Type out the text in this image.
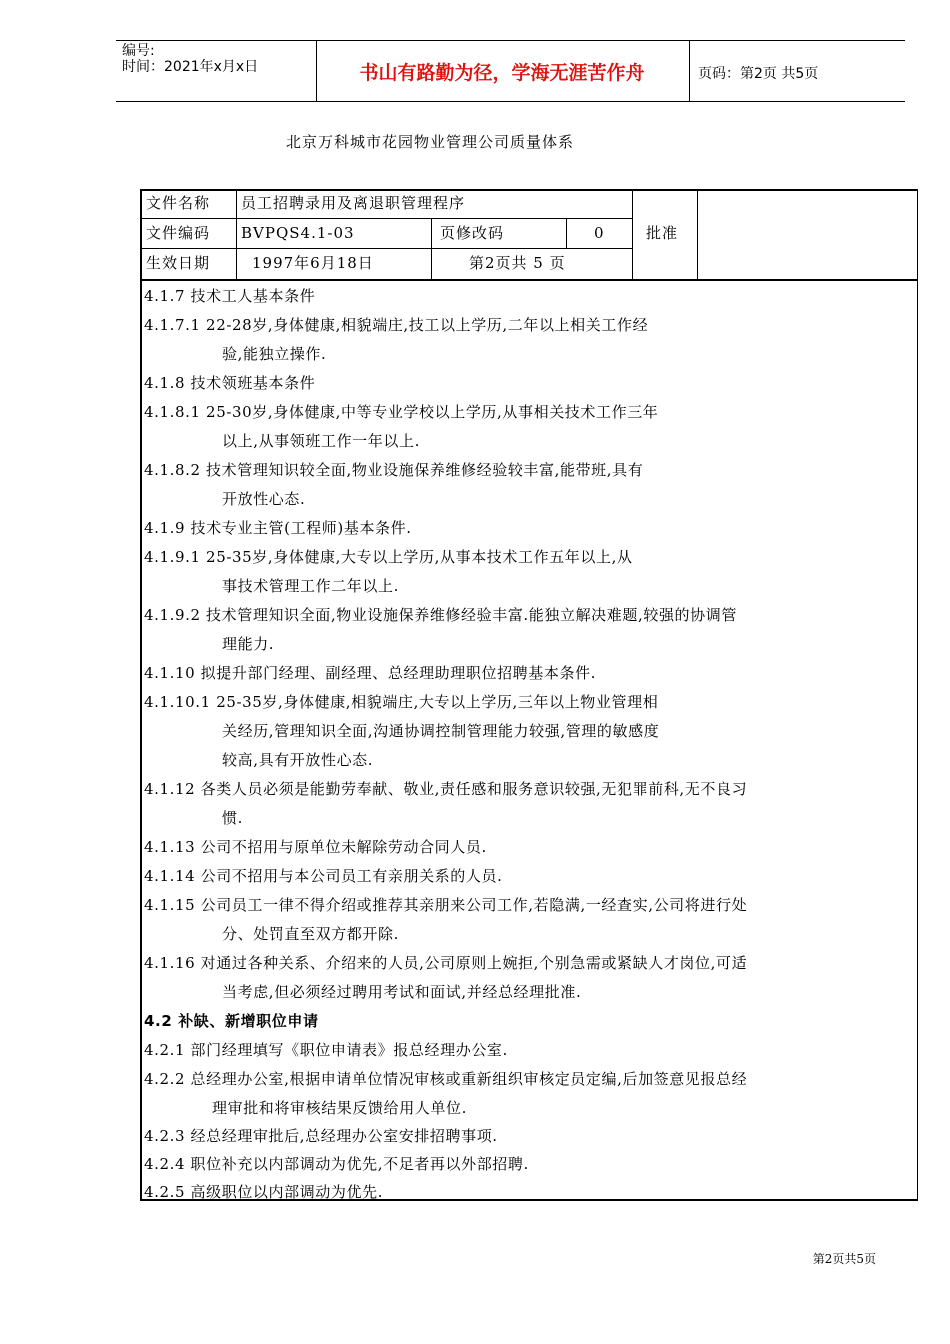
编号:
时间：2021年x月x日	书山有路勤为径，学海无涯苦作舟	页码：第2页 共5页
北京万科城市花园物业管理公司质量体系
文件名称 员工招聘录用及离退职管理程序
文件编码 BVPQS4.1-03	页修改码	0
生效日期	1997年6月18日	第2页共 5 页
批准
4.1.7 技术工人基本条件
4.1.7.1 22-28岁,身体健康,相貌端庄,技工以上学历,二年以上相关工作经
验,能独立操作.
4.1.8 技术领班基本条件
4.1.8.1 25-30岁,身体健康,中等专业学校以上学历,从事相关技术工作三年
以上,从事领班工作一年以上.
4.1.8.2 技术管理知识较全面,物业设施保养维修经验较丰富,能带班,具有
开放性心态.
4.1.9 技术专业主管(工程师)基本条件.
4.1.9.1 25-35岁,身体健康,大专以上学历,从事本技术工作五年以上,从
事技术管理工作二年以上.
4.1.9.2 技术管理知识全面,物业设施保养维修经验丰富.能独立解决难题,较强的协调管
理能力.
4.1.10 拟提升部门经理、副经理、总经理助理职位招聘基本条件.
4.1.10.1 25-35岁,身体健康,相貌端庄,大专以上学历,三年以上物业管理相
关经历,管理知识全面,沟通协调控制管理能力较强,管理的敏感度
较高,具有开放性心态.
4.1.12 各类人员必须是能勤劳奉献、敬业,责任感和服务意识较强,无犯罪前科,无不良习
惯.
4.1.13 公司不招用与原单位未解除劳动合同人员.
4.1.14 公司不招用与本公司员工有亲朋关系的人员.
4.1.15 公司员工一律不得介绍或推荐其亲朋来公司工作,若隐满,一经查实,公司将进行处
分、处罚直至双方都开除.
4.1.16 对通过各种关系、介绍来的人员,公司原则上婉拒,个别急需或紧缺人才岗位,可适
当考虑,但必须经过聘用考试和面试,并经总经理批准.
4.2 补缺、新增职位申请
4.2.1 部门经理填写《职位申请表》报总经理办公室.
4.2.2 总经理办公室,根据申请单位情况审核或重新组织审核定员定编,后加签意见报总经
理审批和将审核结果反馈给用人单位.
4.2.3 经总经理审批后,总经理办公室安排招聘事项.
4.2.4 职位补充以内部调动为优先,不足者再以外部招聘.
4.2.5 高级职位以内部调动为优先.
第2页共5页
